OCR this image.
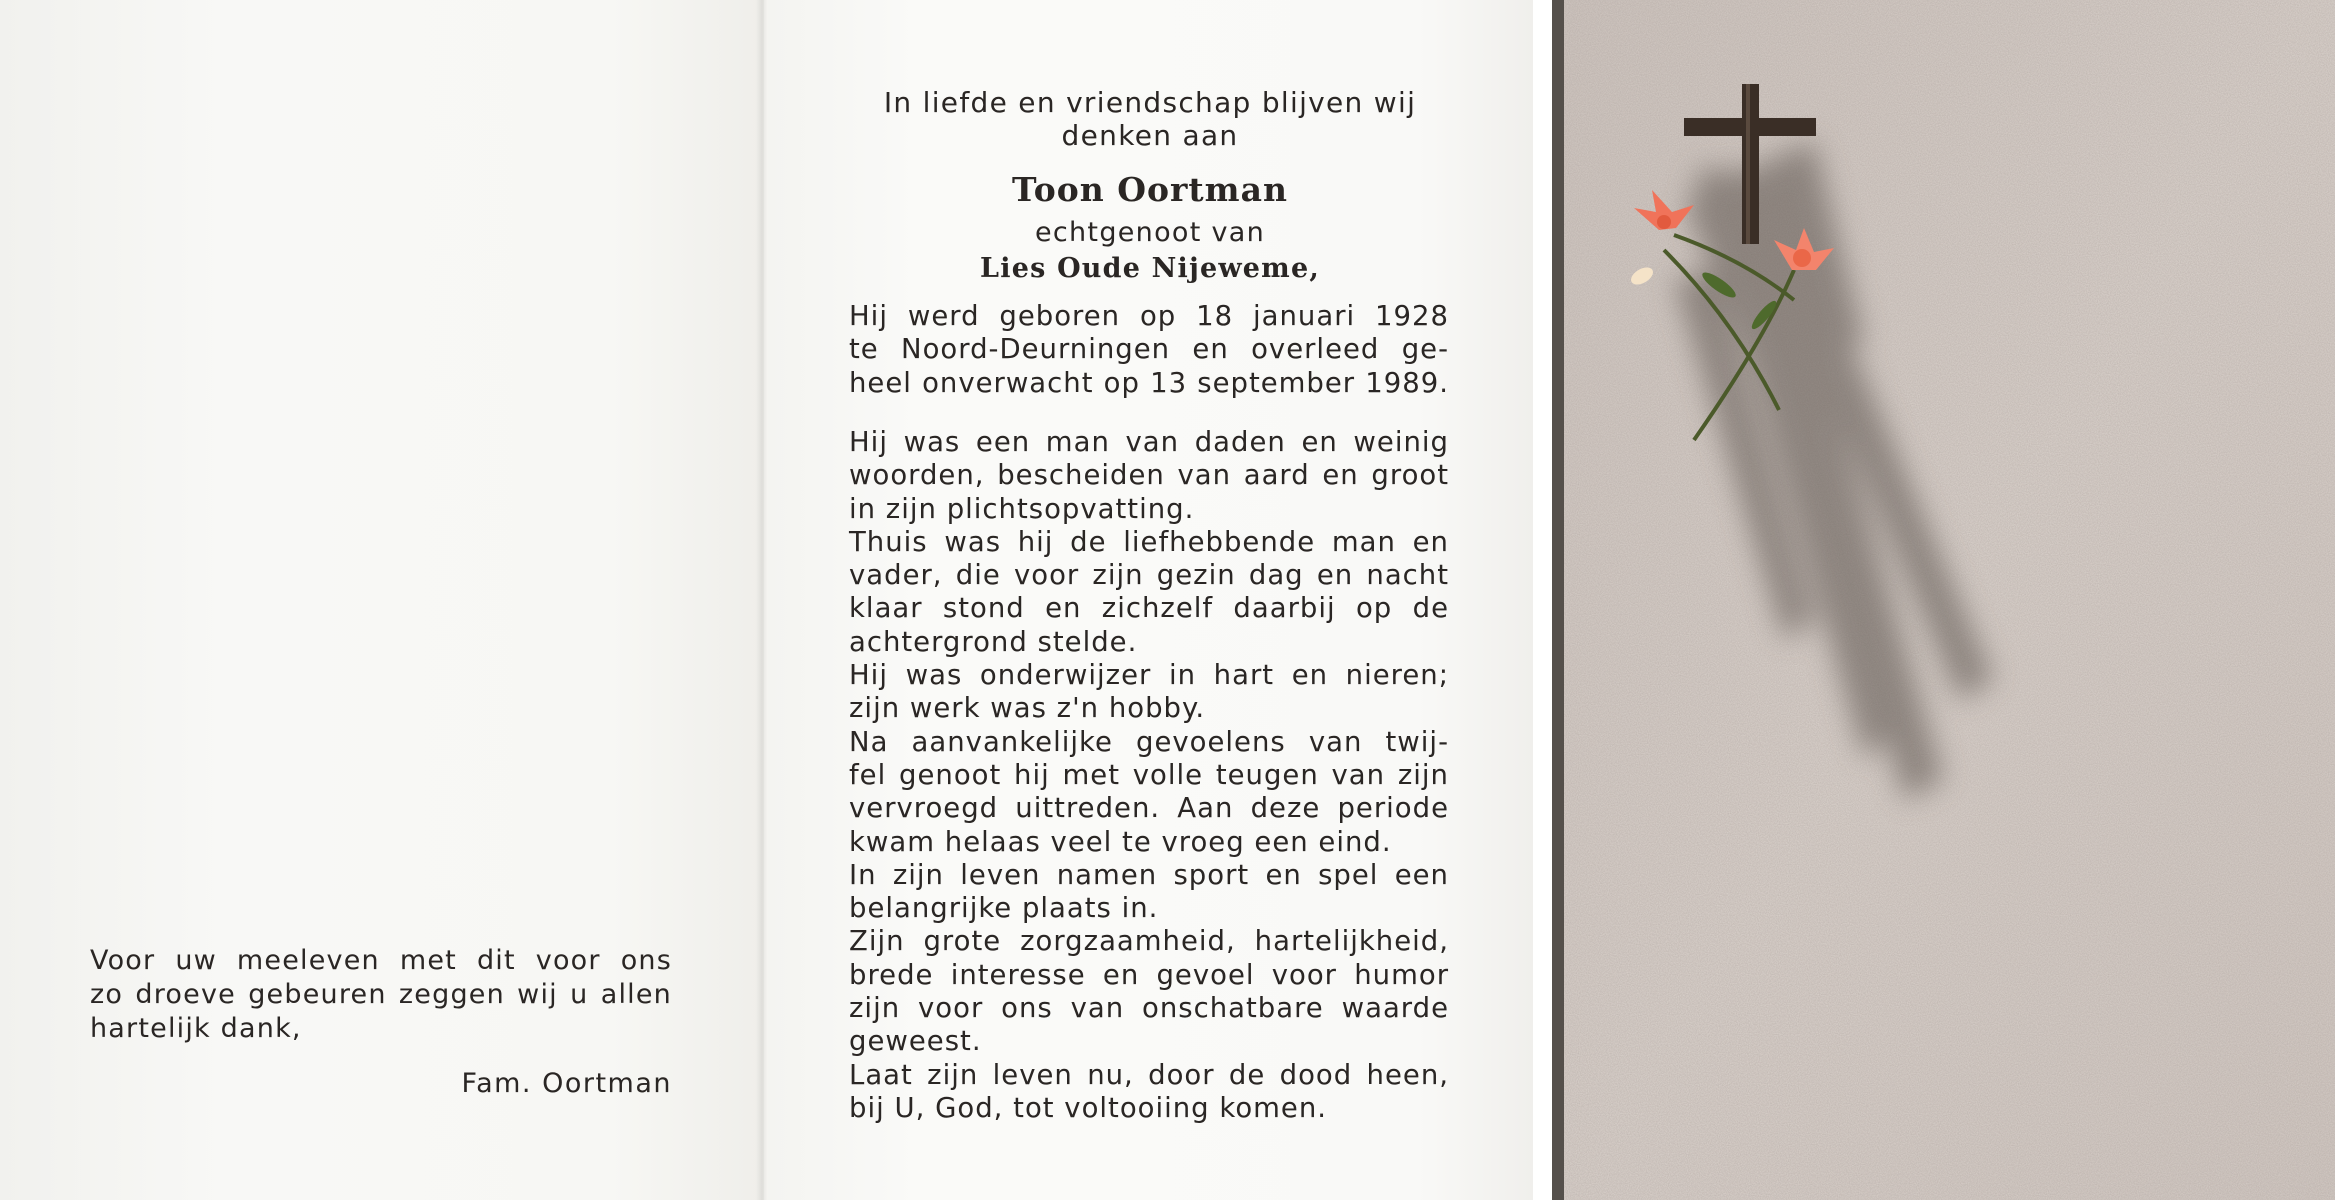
Voor uw meeleven met dit voor ons
zo droeve gebeuren zeggen wij u allen
hartelijk dank,
Fam. Oortman
In liefde en vriendschap blijven wij
denken aan
Toon Oortman
echtgenoot van
Lies Oude Nijeweme,
Hij werd geboren op 18 januari 1928
te Noord-Deurningen en overleed ge-
heel onverwacht op 13 september 1989.
Hij was een man van daden en weinig
woorden, bescheiden van aard en groot
in zijn plichtsopvatting.
Thuis was hij de liefhebbende man en
vader, die voor zijn gezin dag en nacht
klaar stond en zichzelf daarbij op de
achtergrond stelde.
Hij was onderwijzer in hart en nieren;
zijn werk was z'n hobby.
Na aanvankelijke gevoelens van twij-
fel genoot hij met volle teugen van zijn
vervroegd uittreden. Aan deze periode
kwam helaas veel te vroeg een eind.
In zijn leven namen sport en spel een
belangrijke plaats in.
Zijn grote zorgzaamheid, hartelijkheid,
brede interesse en gevoel voor humor
zijn voor ons van onschatbare waarde
geweest.
Laat zijn leven nu, door de dood heen,
bij U, God, tot voltooiing komen.
